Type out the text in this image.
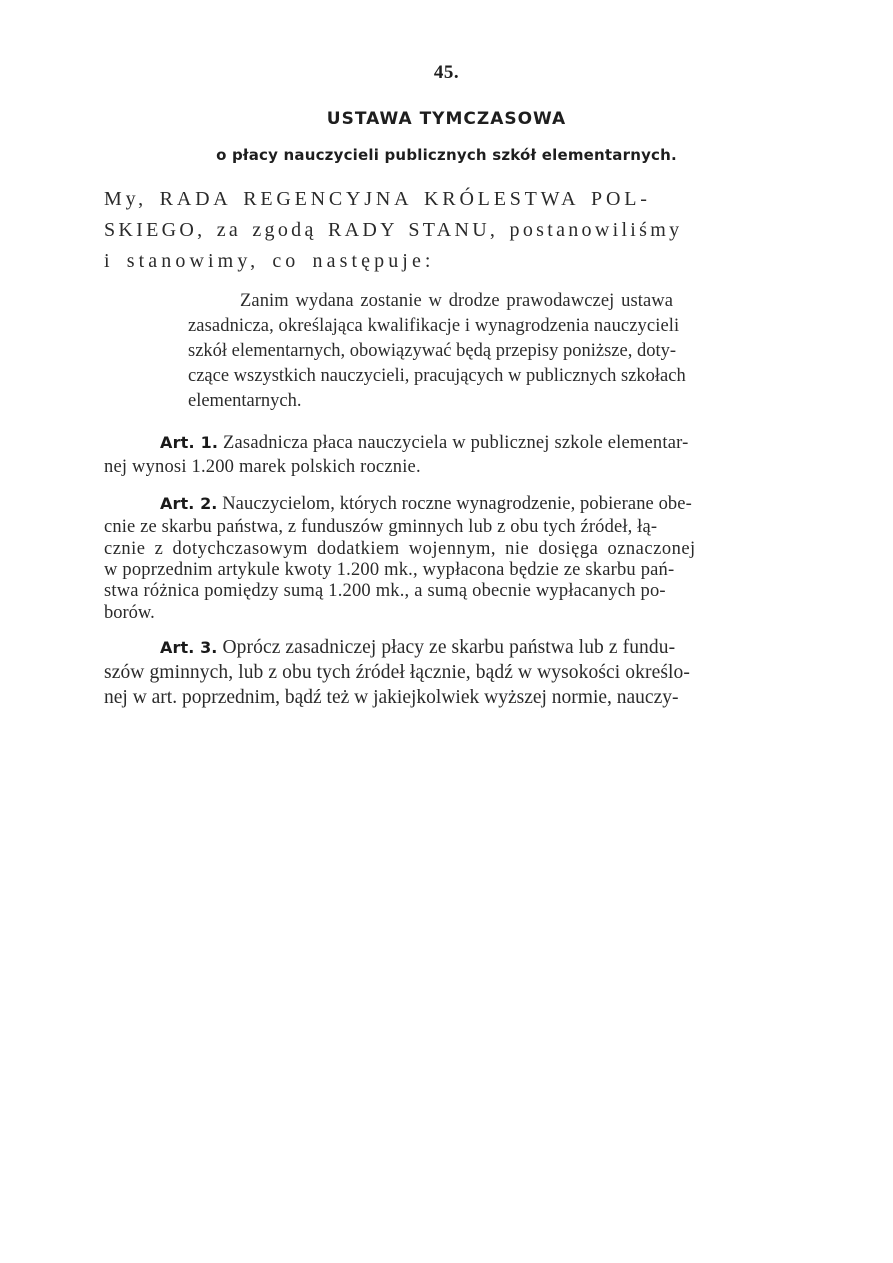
45.
USTAWA TYMCZASOWA
o płacy nauczycieli publicznych szkół elementarnych.
My, RADA REGENCYJNA KRÓLESTWA POL-
SKIEGO, za zgodą RADY STANU, postanowiliśmy
i stanowimy, co następuje:
Zanim wydana zostanie w drodze prawodawczej ustawa
zasadnicza, określająca kwalifikacje i wynagrodzenia nauczycieli
szkół elementarnych, obowiązywać będą przepisy poniższe, doty-
czące wszystkich nauczycieli, pracujących w publicznych szkołach
elementarnych.
Art. 1. Zasadnicza płaca nauczyciela w publicznej szkole elementar-
nej wynosi 1.200 marek polskich rocznie.
Art. 2. Nauczycielom, których roczne wynagrodzenie, pobierane obe-
cnie ze skarbu państwa, z funduszów gminnych lub z obu tych źródeł, łą-
cznie z dotychczasowym dodatkiem wojennym, nie dosięga oznaczonej
w poprzednim artykule kwoty 1.200 mk., wypłacona będzie ze skarbu pań-
stwa różnica pomiędzy sumą 1.200 mk., a sumą obecnie wypłacanych po-
borów.
Art. 3. Oprócz zasadniczej płacy ze skarbu państwa lub z fundu-
szów gminnych, lub z obu tych źródeł łącznie, bądź w wysokości określo-
nej w art. poprzednim, bądź też w jakiejkolwiek wyższej normie, nauczy-
